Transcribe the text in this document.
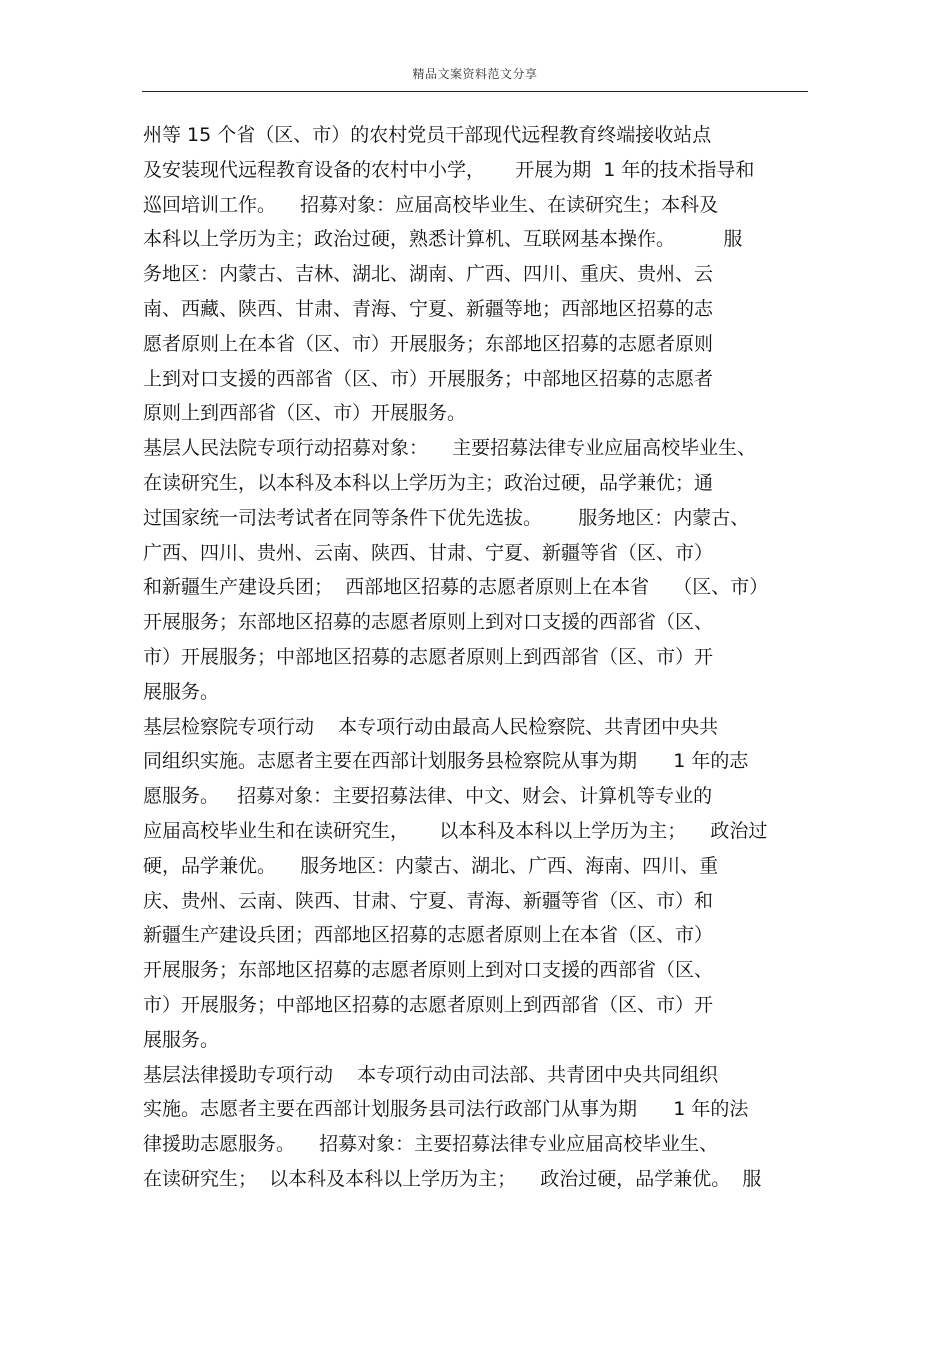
精品文案资料范文分享
州等 15 个省（区、市）的农村党员干部现代远程教育终端接收站点
及安装现代远程教育设备的农村中小学，     开展为期  1 年的技术指导和
巡回培训工作。    招募对象：应届高校毕业生、在读研究生；本科及
本科以上学历为主；政治过硬，熟悉计算机、互联网基本操作。        服
务地区：内蒙古、吉林、湖北、湖南、广西、四川、重庆、贵州、云
南、西藏、陕西、甘肃、青海、宁夏、新疆等地；西部地区招募的志
愿者原则上在本省（区、市）开展服务；东部地区招募的志愿者原则
上到对口支援的西部省（区、市）开展服务；中部地区招募的志愿者
原则上到西部省（区、市）开展服务。
基层人民法院专项行动招募对象：    主要招募法律专业应届高校毕业生、
在读研究生，以本科及本科以上学历为主；政治过硬，品学兼优；通
过国家统一司法考试者在同等条件下优先选拔。      服务地区：内蒙古、
广西、四川、贵州、云南、陕西、甘肃、宁夏、新疆等省（区、市）
和新疆生产建设兵团；  西部地区招募的志愿者原则上在本省    （区、市）
开展服务；东部地区招募的志愿者原则上到对口支援的西部省（区、
市）开展服务；中部地区招募的志愿者原则上到西部省（区、市）开
展服务。
基层检察院专项行动    本专项行动由最高人民检察院、共青团中央共
同组织实施。志愿者主要在西部计划服务县检察院从事为期      1 年的志
愿服务。   招募对象：主要招募法律、中文、财会、计算机等专业的
应届高校毕业生和在读研究生，     以本科及本科以上学历为主；    政治过
硬，品学兼优。    服务地区：内蒙古、湖北、广西、海南、四川、重
庆、贵州、云南、陕西、甘肃、宁夏、青海、新疆等省（区、市）和
新疆生产建设兵团；西部地区招募的志愿者原则上在本省（区、市）
开展服务；东部地区招募的志愿者原则上到对口支援的西部省（区、
市）开展服务；中部地区招募的志愿者原则上到西部省（区、市）开
展服务。
基层法律援助专项行动    本专项行动由司法部、共青团中央共同组织
实施。志愿者主要在西部计划服务县司法行政部门从事为期      1 年的法
律援助志愿服务。    招募对象：主要招募法律专业应届高校毕业生、
在读研究生；  以本科及本科以上学历为主；    政治过硬，品学兼优。  服
